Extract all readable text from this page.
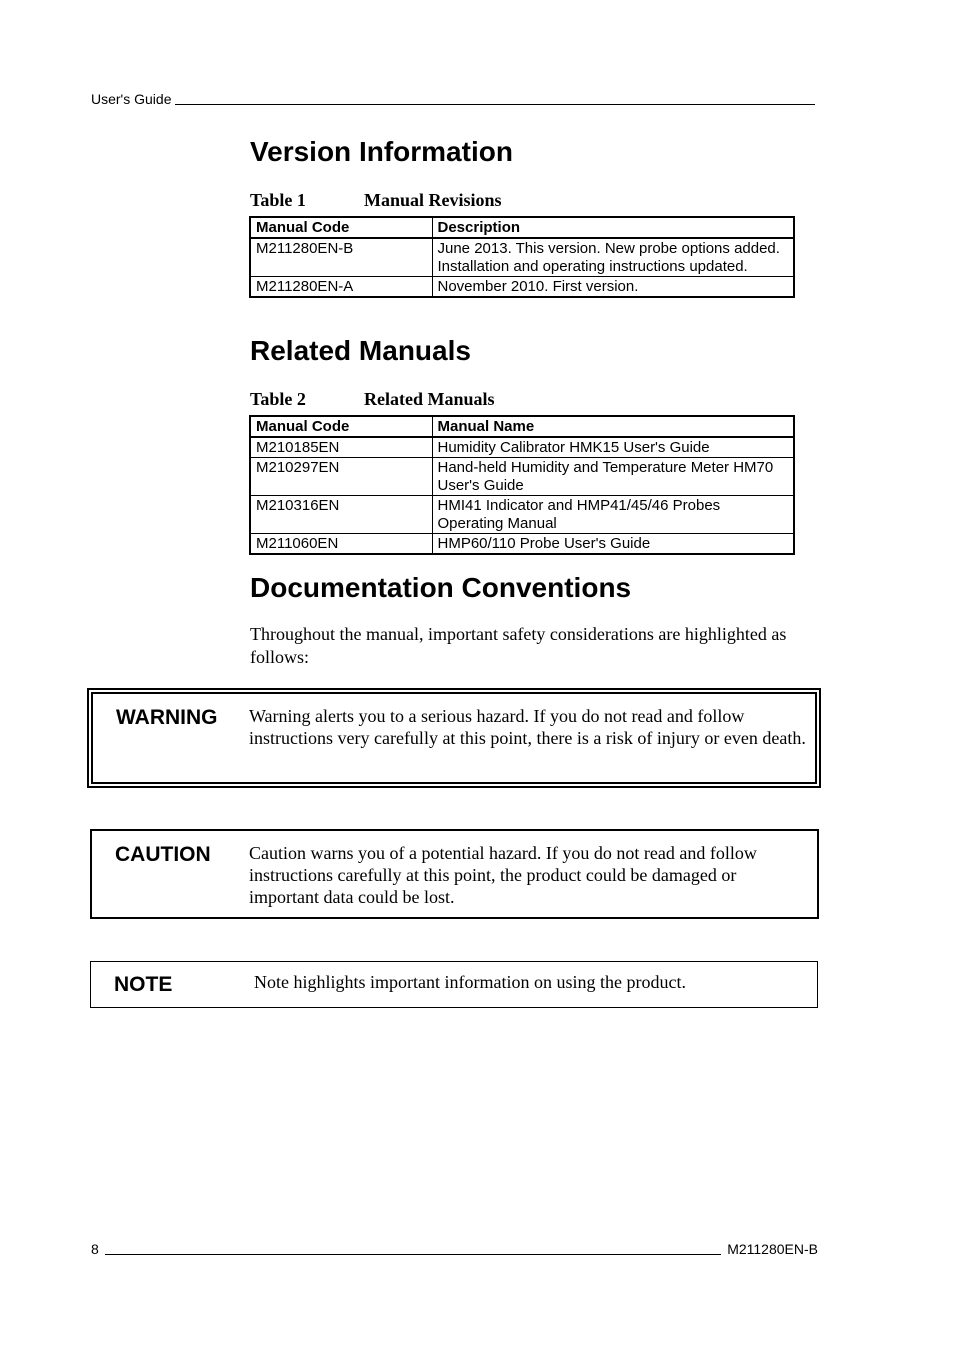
User's Guide
Version Information
Table 1	Manual Revisions
Manual Code	Description
M211280EN-B	June 2013. This version. New probe options added. Installation and operating instructions updated.
M211280EN-A	November 2010. First version.
Related Manuals
Table 2	Related Manuals
Manual Code	Manual Name
M210185EN	Humidity Calibrator HMK15 User's Guide
M210297EN	Hand-held Humidity and Temperature Meter HM70 User's Guide
M210316EN	HMI41 Indicator and HMP41/45/46 Probes Operating Manual
M211060EN	HMP60/110 Probe User's Guide
Documentation Conventions

Throughout the manual, important safety considerations are highlighted as follows:

WARNING Warning alerts you to a serious hazard. If you do not read and follow instructions very carefully at this point, there is a risk of injury or even death.
CAUTION Caution warns you of a potential hazard. If you do not read and follow instructions carefully at this point, the product could be damaged or important data could be lost.
NOTE	Note highlights important information on using the product.
8	M211280EN-B
